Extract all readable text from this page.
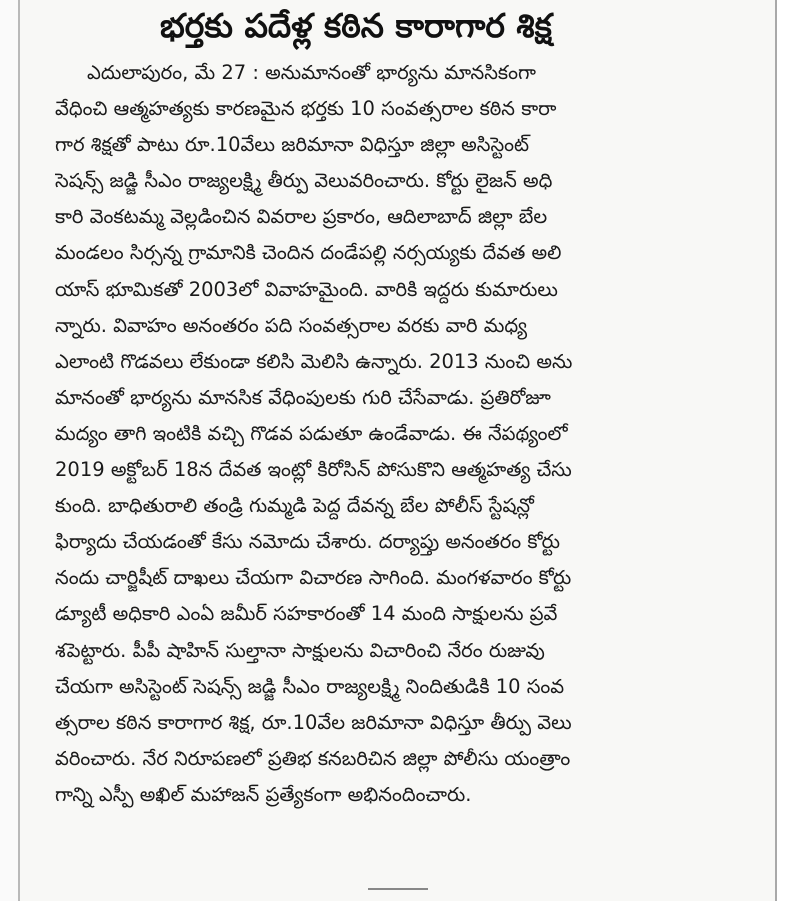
భర్తకు పదేళ్ల కఠిన కారాగార శిక్ష
ఎదులాపురం, మే 27 : అనుమానంతో భార్యను మానసికంగా
వేధించి ఆత్మహత్యకు కారణమైన భర్తకు 10 సంవత్సరాల కఠిన కారా
గార శిక్షతో పాటు రూ.10వేలు జరిమానా విధిస్తూ జిల్లా అసిస్టెంట్
సెషన్స్ జడ్జి సీఎం రాజ్యలక్ష్మి తీర్పు వెలువరించారు. కోర్టు లైజన్ అధి
కారి వెంకటమ్మ వెల్లడించిన వివరాల ప్రకారం, ఆదిలాబాద్ జిల్లా బేల
మండలం సిర్సన్న గ్రామానికి చెందిన దండేపల్లి నర్సయ్యకు దేవత అలి
యాస్ భూమికతో 2003లో వివాహమైంది. వారికి ఇద్దరు కుమారులు
న్నారు. వివాహం అనంతరం పది సంవత్సరాల వరకు వారి మధ్య
ఎలాంటి గొడవలు లేకుండా కలిసి మెలిసి ఉన్నారు. 2013 నుంచి అను
మానంతో భార్యను మానసిక వేధింపులకు గురి చేసేవాడు. ప్రతిరోజూ
మద్యం తాగి ఇంటికి వచ్చి గొడవ పడుతూ ఉండేవాడు. ఈ నేపథ్యంలో
2019 అక్టోబర్ 18న దేవత ఇంట్లో కిరోసిన్ పోసుకొని ఆత్మహత్య చేసు
కుంది. బాధితురాలి తండ్రి గుమ్మడి పెద్ద దేవన్న బేల పోలీస్ స్టేషన్లో
ఫిర్యాదు చేయడంతో కేసు నమోదు చేశారు. దర్యాప్తు అనంతరం కోర్టు
నందు చార్జిషీట్ దాఖలు చేయగా విచారణ సాగింది. మంగళవారం కోర్టు
డ్యూటీ అధికారి ఎంఏ జమీర్ సహకారంతో 14 మంది సాక్షులను ప్రవే
శపెట్టారు. పీపీ షాహిన్ సుల్తానా సాక్షులను విచారించి నేరం రుజువు
చేయగా అసిస్టెంట్ సెషన్స్ జడ్జి సీఎం రాజ్యలక్ష్మి నిందితుడికి 10 సంవ
త్సరాల కఠిన కారాగార శిక్ష, రూ.10వేల జరిమానా విధిస్తూ తీర్పు వెలు
వరించారు. నేర నిరూపణలో ప్రతిభ కనబరిచిన జిల్లా పోలీసు యంత్రాం
గాన్ని ఎస్పీ అఖిల్ మహాజన్ ప్రత్యేకంగా అభినందించారు.
